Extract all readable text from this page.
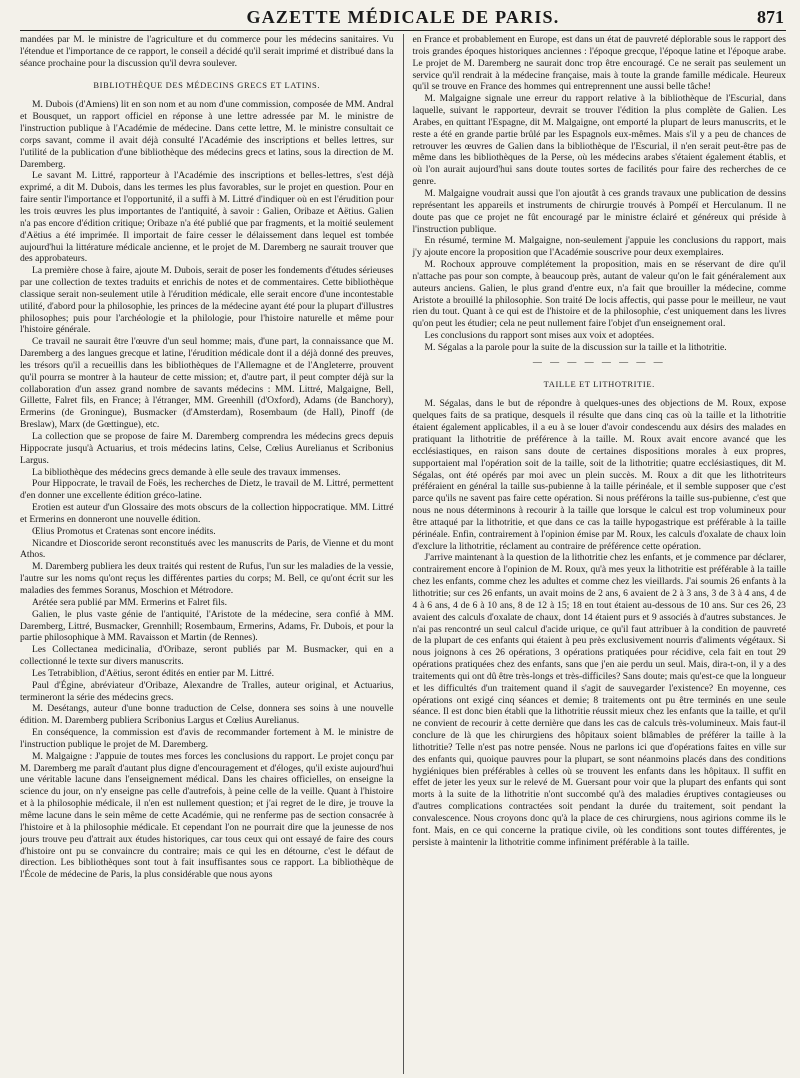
GAZETTE MÉDICALE DE PARIS.	871

mandées par M. le ministre de l'agriculture et du commerce pour les médecins sanitaires. Vu l'étendue et l'importance de ce rapport, le conseil a décidé qu'il serait imprimé et distribué dans la séance prochaine pour la discussion qu'il devra soulever.

BIBLIOTHÈQUE DES MÉDECINS GRECS ET LATINS.

M. Dubois (d'Amiens) lit en son nom et au nom d'une commission, composée de MM. Andral et Bousquet, un rapport officiel en réponse à une lettre adressée par M. le ministre de l'instruction publique à l'Académie de médecine. Dans cette lettre, M. le ministre consultait ce corps savant, comme il avait déjà consulté l'Académie des inscriptions et belles lettres, sur l'utilité de la publication d'une bibliothèque des médecins grecs et latins, sous la direction de M. Daremberg.

Le savant M. Littré, rapporteur à l'Académie des inscriptions et belles-lettres, s'est déjà exprimé, a dit M. Dubois, dans les termes les plus favorables, sur le projet en question. Pour en faire sentir l'importance et l'opportunité, il a suffi à M. Littré d'indiquer où en est l'érudition pour les trois œuvres les plus importantes de l'antiquité, à savoir : Galien, Oribaze et Aëtius. Galien n'a pas encore d'édition critique; Oribaze n'a été publié que par fragments, et la moitié seulement d'Aëtius a été imprimée. Il importait de faire cesser le délaissement dans lequel est tombée aujourd'hui la littérature médicale ancienne, et le projet de M. Daremberg ne saurait trouver que des approbateurs.

La première chose à faire, ajoute M. Dubois, serait de poser les fondements d'études sérieuses par une collection de textes traduits et enrichis de notes et de commentaires. Cette bibliothèque classique serait non-seulement utile à l'érudition médicale, elle serait encore d'une incontestable utilité, d'abord pour la philosophie, les princes de la médecine ayant été pour la plupart d'illustres philosophes; puis pour l'archéologie et la philologie, pour l'histoire naturelle et même pour l'histoire générale.

Ce travail ne saurait être l'œuvre d'un seul homme; mais, d'une part, la connaissance que M. Daremberg a des langues grecque et latine, l'érudition médicale dont il a déjà donné des preuves, les trésors qu'il a recueillis dans les bibliothèques de l'Allemagne et de l'Angleterre, prouvent qu'il pourra se montrer à la hauteur de cette mission; et, d'autre part, il peut compter déjà sur la collaboration d'un assez grand nombre de savants médecins : MM. Littré, Malgaigne, Bell, Gillette, Falret fils, en France; à l'étranger, MM. Greenhill (d'Oxford), Adams (de Banchory), Ermerins (de Groningue), Busmacker (d'Amsterdam), Rosembaum (de Hall), Pinoff (de Breslaw), Marx (de Gœttingue), etc.

La collection que se propose de faire M. Daremberg comprendra les médecins grecs depuis Hippocrate jusqu'à Actuarius, et trois médecins latins, Celse, Cœlius Aurelianus et Scribonius Largus.

La bibliothèque des médecins grecs demande à elle seule des travaux immenses.

Pour Hippocrate, le travail de Foës, les recherches de Dietz, le travail de M. Littré, permettent d'en donner une excellente édition gréco-latine.

Erotien est auteur d'un Glossaire des mots obscurs de la collection hippocratique. MM. Littré et Ermerins en donneront une nouvelle édition.

Œlius Promotus et Cratenas sont encore inédits.

Nicandre et Dioscoride seront reconstitués avec les manuscrits de Paris, de Vienne et du mont Athos.

M. Daremberg publiera les deux traités qui restent de Rufus, l'un sur les maladies de la vessie, l'autre sur les noms qu'ont reçus les différentes parties du corps; M. Bell, ce qu'ont écrit sur les maladies des femmes Soranus, Moschion et Métrodore.

Arétée sera publié par MM. Ermerins et Falret fils.

Galien, le plus vaste génie de l'antiquité, l'Aristote de la médecine, sera confié à MM. Daremberg, Littré, Busmacker, Grennhill; Rosembaum, Ermerins, Adams, Fr. Dubois, et pour la partie philosophique à MM. Ravaisson et Martin (de Rennes).

Les Collectanea medicinalia, d'Oribaze, seront publiés par M. Busmacker, qui en a collectionné le texte sur divers manuscrits.

Les Tetrabiblion, d'Aëtius, seront édités en entier par M. Littré.

Paul d'Égine, abréviateur d'Oribaze, Alexandre de Tralles, auteur original, et Actuarius, termineront la série des médecins grecs.

M. Desétangs, auteur d'une bonne traduction de Celse, donnera ses soins à une nouvelle édition. M. Daremberg publiera Scribonius Largus et Cœlius Aurelianus.

En conséquence, la commission est d'avis de recommander fortement à M. le ministre de l'instruction publique le projet de M. Daremberg.

M. Malgaigne : J'appuie de toutes mes forces les conclusions du rapport. Le projet conçu par M. Daremberg me paraît d'autant plus digne d'encouragement et d'éloges, qu'il existe aujourd'hui une véritable lacune dans l'enseignement médical. Dans les chaires officielles, on enseigne la science du jour, on n'y enseigne pas celle d'autrefois, à peine celle de la veille. Quant à l'histoire et à la philosophie médicale, il n'en est nullement question; et j'ai regret de le dire, je trouve la même lacune dans le sein même de cette Académie, qui ne renferme pas de section consacrée à l'histoire et à la philosophie médicale. Et cependant l'on ne pourrait dire que la jeunesse de nos jours trouve peu d'attrait aux études historiques, car tous ceux qui ont essayé de faire des cours d'histoire ont pu se convaincre du contraire; mais ce qui les en détourne, c'est le défaut de direction. Les bibliothèques sont tout à fait insuffisantes sous ce rapport. La bibliothèque de l'École de médecine de Paris, la plus considérable que nous ayons

en France et probablement en Europe, est dans un état de pauvreté déplorable sous le rapport des trois grandes époques historiques anciennes : l'époque grecque, l'époque latine et l'époque arabe. Le projet de M. Daremberg ne saurait donc trop être encouragé. Ce ne serait pas seulement un service qu'il rendrait à la médecine française, mais à toute la grande famille médicale. Heureux qu'il se trouve en France des hommes qui entreprennent une aussi belle tâche!

M. Malgaigne signale une erreur du rapport relative à la bibliothèque de l'Escurial, dans laquelle, suivant le rapporteur, devrait se trouver l'édition la plus complète de Galien. Les Arabes, en quittant l'Espagne, dit M. Malgaigne, ont emporté la plupart de leurs manuscrits, et le reste a été en grande partie brûlé par les Espagnols eux-mêmes. Mais s'il y a peu de chances de retrouver les œuvres de Galien dans la bibliothèque de l'Escurial, il n'en serait peut-être pas de même dans les bibliothèques de la Perse, où les médecins arabes s'étaient également établis, et où l'on aurait aujourd'hui sans doute toutes sortes de facilités pour faire des recherches de ce genre.

M. Malgaigne voudrait aussi que l'on ajoutât à ces grands travaux une publication de dessins représentant les appareils et instruments de chirurgie trouvés à Pompéï et Herculanum. Il ne doute pas que ce projet ne fût encouragé par le ministre éclairé et généreux qui préside à l'instruction publique.

En résumé, termine M. Malgaigne, non-seulement j'appuie les conclusions du rapport, mais j'y ajoute encore la proposition que l'Académie souscrive pour deux exemplaires.

M. Rochoux approuve complétement la proposition, mais en se réservant de dire qu'il n'attache pas pour son compte, à beaucoup près, autant de valeur qu'on le fait généralement aux auteurs anciens. Galien, le plus grand d'entre eux, n'a fait que brouiller la médecine, comme Aristote a brouillé la philosophie. Son traité De locis affectis, qui passe pour le meilleur, ne vaut rien du tout. Quant à ce qui est de l'histoire et de la philosophie, c'est uniquement dans les livres qu'on peut les étudier; cela ne peut nullement faire l'objet d'un enseignement oral.

Les conclusions du rapport sont mises aux voix et adoptées.

M. Ségalas a la parole pour la suite de la discussion sur la taille et la lithotritie.

— — — — — — — —
TAILLE ET LITHOTRITIE.

M. Ségalas, dans le but de répondre à quelques-unes des objections de M. Roux, expose quelques faits de sa pratique, desquels il résulte que dans cinq cas où la taille et la lithotritie étaient également applicables, il a eu à se louer d'avoir condescendu aux désirs des malades en pratiquant la lithotritie de préférence à la taille. M. Roux avait encore avancé que les ecclésiastiques, en raison sans doute de certaines dispositions morales à eux propres, supportaient mal l'opération soit de la taille, soit de la lithotritie; quatre ecclésiastiques, dit M. Ségalas, ont été opérés par moi avec un plein succès. M. Roux a dit que les lithotriteurs préféraient en général la taille sus-pubienne à la taille périnéale, et il semble supposer que c'est parce qu'ils ne savent pas faire cette opération. Si nous préférons la taille sus-pubienne, c'est que nous ne nous déterminons à recourir à la taille que lorsque le calcul est trop volumineux pour être attaqué par la lithotritie, et que dans ce cas la taille hypogastrique est préférable à la taille périnéale. Enfin, contrairement à l'opinion émise par M. Roux, les calculs d'oxalate de chaux loin d'exclure la lithotritie, réclament au contraire de préférence cette opération.

J'arrive maintenant à la question de la lithotritie chez les enfants, et je commence par déclarer, contrairement encore à l'opinion de M. Roux, qu'à mes yeux la lithotritie est préférable à la taille chez les enfants, comme chez les adultes et comme chez les vieillards. J'ai soumis 26 enfants à la lithotritie; sur ces 26 enfants, un avait moins de 2 ans, 6 avaient de 2 à 3 ans, 3 de 3 à 4 ans, 4 de 4 à 6 ans, 4 de 6 à 10 ans, 8 de 12 à 15; 18 en tout étaient au-dessous de 10 ans. Sur ces 26, 23 avaient des calculs d'oxalate de chaux, dont 14 étaient purs et 9 associés à d'autres substances. Je n'ai pas rencontré un seul calcul d'acide urique, ce qu'il faut attribuer à la condition de pauvreté de la plupart de ces enfants qui étaient à peu près exclusivement nourris d'aliments végétaux. Si nous joignons à ces 26 opérations, 3 opérations pratiquées pour récidive, cela fait en tout 29 opérations pratiquées chez des enfants, sans que j'en aie perdu un seul. Mais, dira-t-on, il y a des traitements qui ont dû être très-longs et très-difficiles? Sans doute; mais qu'est-ce que la longueur et les difficultés d'un traitement quand il s'agit de sauvegarder l'existence? En moyenne, ces opérations ont exigé cinq séances et demie; 8 traitements ont pu être terminés en une seule séance. Il est donc bien établi que la lithotritie réussit mieux chez les enfants que la taille, et qu'il ne convient de recourir à cette dernière que dans les cas de calculs très-volumineux. Mais faut-il conclure de là que les chirurgiens des hôpitaux soient blâmables de préférer la taille à la lithotritie? Telle n'est pas notre pensée. Nous ne parlons ici que d'opérations faites en ville sur des enfants qui, quoique pauvres pour la plupart, se sont néanmoins placés dans des conditions hygiéniques bien préférables à celles où se trouvent les enfants dans les hôpitaux. Il suffit en effet de jeter les yeux sur le relevé de M. Guersant pour voir que la plupart des enfants qui sont morts à la suite de la lithotritie n'ont succombé qu'à des maladies éruptives contagieuses ou d'autres complications contractées soit pendant la durée du traitement, soit pendant la convalescence. Nous croyons donc qu'à la place de ces chirurgiens, nous agirions comme ils le font. Mais, en ce qui concerne la pratique civile, où les conditions sont toutes différentes, je persiste à maintenir la lithotritie comme infiniment préférable à la taille.
